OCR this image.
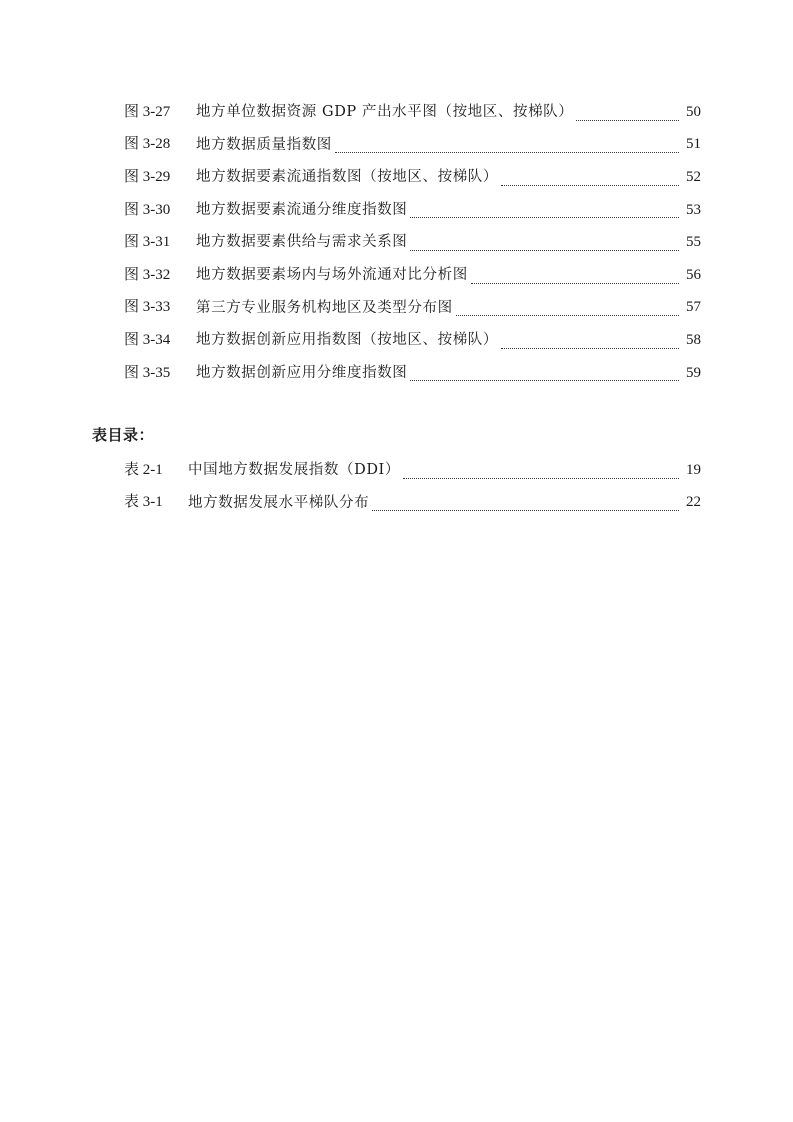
图 3-27	地方单位数据资源 GDP 产出水平图（按地区、按梯队）	50
图 3-28	地方数据质量指数图	51
图 3-29	地方数据要素流通指数图（按地区、按梯队）	52
图 3-30	地方数据要素流通分维度指数图	53
图 3-31	地方数据要素供给与需求关系图	55
图 3-32	地方数据要素场内与场外流通对比分析图	56
图 3-33	第三方专业服务机构地区及类型分布图	57
图 3-34	地方数据创新应用指数图（按地区、按梯队）	58
图 3-35	地方数据创新应用分维度指数图	59
表目录：
表 2-1	中国地方数据发展指数（DDI）	19
表 3-1	地方数据发展水平梯队分布	22
